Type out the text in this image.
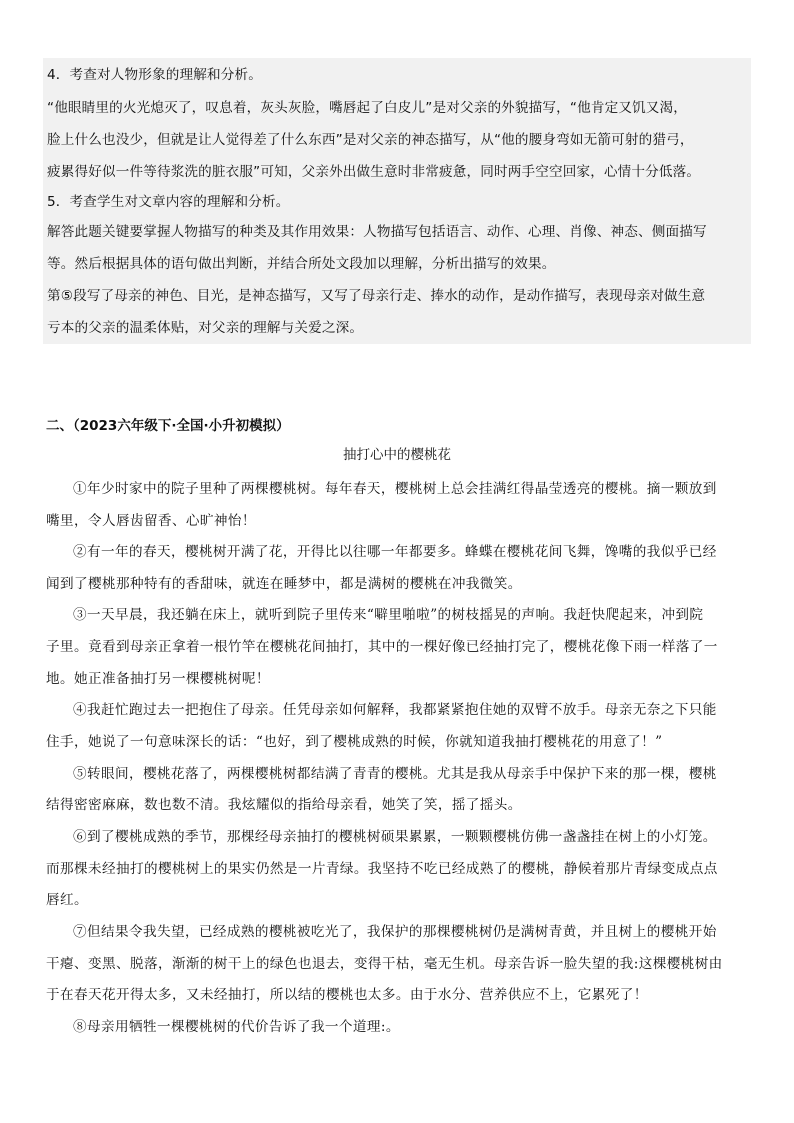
4．考查对人物形象的理解和分析。

“他眼睛里的火光熄灭了，叹息着，灰头灰脸，嘴唇起了白皮儿”是对父亲的外貌描写，“他肯定又饥又渴，

脸上什么也没少，但就是让人觉得差了什么东西”是对父亲的神态描写，从“他的腰身弯如无箭可射的猎弓，

疲累得好似一件等待浆洗的脏衣服”可知，父亲外出做生意时非常疲惫，同时两手空空回家，心情十分低落。

5．考查学生对文章内容的理解和分析。

解答此题关键要掌握人物描写的种类及其作用效果：人物描写包括语言、动作、心理、肖像、神态、侧面描写

等。然后根据具体的语句做出判断，并结合所处文段加以理解，分析出描写的效果。

第⑤段写了母亲的神色、目光，是神态描写，又写了母亲行走、捧水的动作，是动作描写，表现母亲对做生意

亏本的父亲的温柔体贴，对父亲的理解与关爱之深。

二、（2023六年级下·全国·小升初模拟）

抽打心中的樱桃花

①年少时家中的院子里种了两棵樱桃树。每年春天，樱桃树上总会挂满红得晶莹透亮的樱桃。摘一颗放到

嘴里，令人唇齿留香、心旷神怡！

②有一年的春天，樱桃树开满了花，开得比以往哪一年都要多。蜂蝶在樱桃花间飞舞，馋嘴的我似乎已经

闻到了樱桃那种特有的香甜味，就连在睡梦中，都是满树的樱桃在冲我微笑。

③一天早晨，我还躺在床上，就听到院子里传来“噼里啪啦”的树枝摇晃的声响。我赶快爬起来，冲到院

子里。竟看到母亲正拿着一根竹竿在樱桃花间抽打，其中的一棵好像已经抽打完了，樱桃花像下雨一样落了一

地。她正准备抽打另一棵樱桃树呢！

④我赶忙跑过去一把抱住了母亲。任凭母亲如何解释，我都紧紧抱住她的双臂不放手。母亲无奈之下只能

住手，她说了一句意味深长的话：“也好，到了樱桃成熟的时候，你就知道我抽打樱桃花的用意了！”

⑤转眼间，樱桃花落了，两棵樱桃树都结满了青青的樱桃。尤其是我从母亲手中保护下来的那一棵，樱桃

结得密密麻麻，数也数不清。我炫耀似的指给母亲看，她笑了笑，摇了摇头。

⑥到了樱桃成熟的季节，那棵经母亲抽打的樱桃树硕果累累，一颗颗樱桃仿佛一盏盏挂在树上的小灯笼。

而那棵未经抽打的樱桃树上的果实仍然是一片青绿。我坚持不吃已经成熟了的樱桃，静候着那片青绿变成点点

唇红。

⑦但结果令我失望，已经成熟的樱桃被吃光了，我保护的那棵樱桃树仍是满树青黄，并且树上的樱桃开始

干瘪、变黑、脱落，渐渐的树干上的绿色也退去，变得干枯，毫无生机。母亲告诉一脸失望的我:这棵樱桃树由

于在春天花开得太多，又未经抽打，所以结的樱桃也太多。由于水分、营养供应不上，它累死了！

⑧母亲用牺牲一棵樱桃树的代价告诉了我一个道理:。
